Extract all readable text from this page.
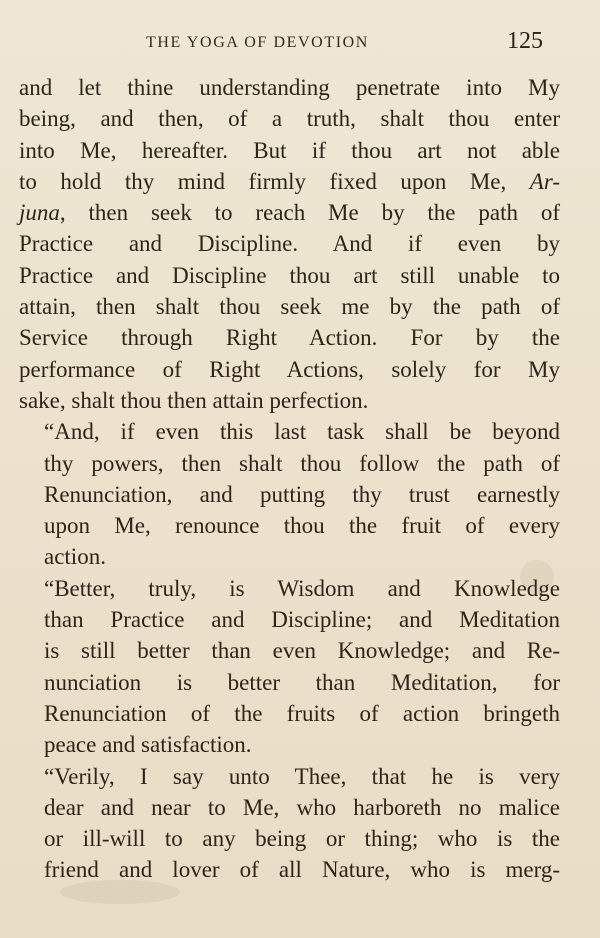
THE YOGA OF DEVOTION	125

and let thine understanding penetrate into My
being, and then, of a truth, shalt thou enter
into Me, hereafter. But if thou art not able
to hold thy mind firmly fixed upon Me, Ar-
juna, then seek to reach Me by the path of
Practice and Discipline. And if even by
Practice and Discipline thou art still unable to
attain, then shalt thou seek me by the path of
Service through Right Action. For by the
performance of Right Actions, solely for My
sake, shalt thou then attain perfection.

“And, if even this last task shall be beyond
thy powers, then shalt thou follow the path of
Renunciation, and putting thy trust earnestly
upon Me, renounce thou the fruit of every
action.

“Better, truly, is Wisdom and Knowledge
than Practice and Discipline; and Meditation
is still better than even Knowledge; and Re-
nunciation is better than Meditation, for
Renunciation of the fruits of action bringeth
peace and satisfaction.

“Verily, I say unto Thee, that he is very
dear and near to Me, who harboreth no malice
or ill-will to any being or thing; who is the
friend and lover of all Nature, who is merg-
